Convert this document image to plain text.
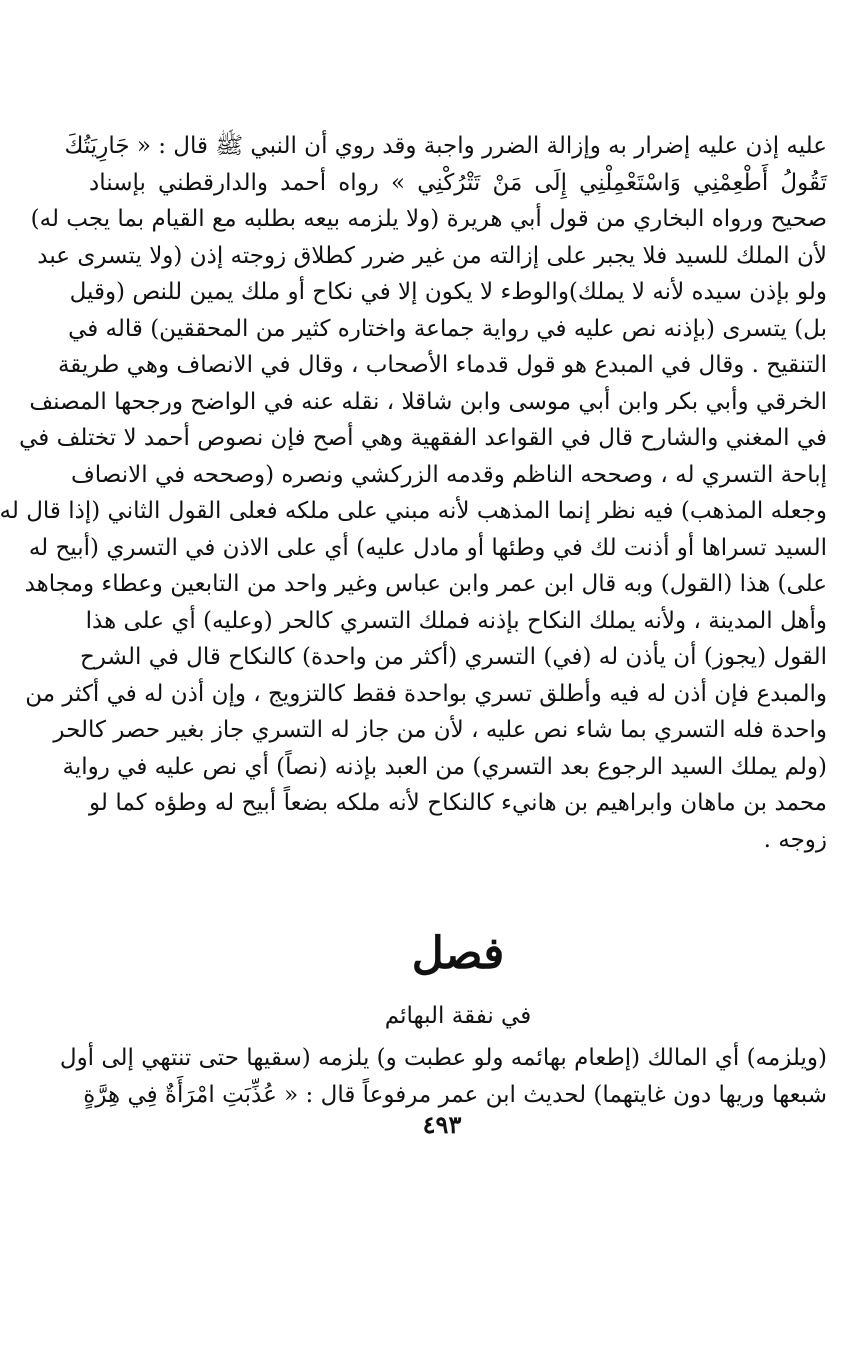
عليه إذن عليه إضرار به وإزالة الضرر واجبة وقد روي أن النبي ﷺ قال : « جَارِيَتُكَ
تَقُولُ أَطْعِمْنِي وَاسْتَعْمِلْنِي إِلَى مَنْ تَتْرُكْنِي » رواه أحمد والدارقطني بإسناد
صحيح ورواه البخاري من قول أبي هريرة (ولا يلزمه بيعه بطلبه مع القيام بما يجب له)
لأن الملك للسيد فلا يجبر على إزالته من غير ضرر كطلاق زوجته إذن (ولا يتسرى عبد
ولو بإذن سيده لأنه لا يملك)والوطء لا يكون إلا في نكاح أو ملك يمين للنص (وقيل
بل) يتسرى (بإذنه نص عليه في رواية جماعة واختاره كثير من المحققين) قاله في
التنقيح . وقال في المبدع هو قول قدماء الأصحاب ، وقال في الانصاف وهي طريقة
الخرقي وأبي بكر وابن أبي موسى وابن شاقلا ، نقله عنه في الواضح ورجحها المصنف
في المغني والشارح قال في القواعد الفقهية وهي أصح فإن نصوص أحمد لا تختلف في
إباحة التسري له ، وصححه الناظم وقدمه الزركشي ونصره (وصححه في الانصاف
وجعله المذهب) فيه نظر إنما المذهب لأنه مبني على ملكه فعلى القول الثاني (إذا قال له
السيد تسراها أو أذنت لك في وطئها أو مادل عليه) أي على الاذن في التسري (أبيح له
على) هذا (القول) وبه قال ابن عمر وابن عباس وغير واحد من التابعين وعطاء ومجاهد
وأهل المدينة ، ولأنه يملك النكاح بإذنه فملك التسري كالحر (وعليه) أي على هذا
القول (يجوز) أن يأذن له (في) التسري (أكثر من واحدة) كالنكاح قال في الشرح
والمبدع فإن أذن له فيه وأطلق تسري بواحدة فقط كالتزويج ، وإن أذن له في أكثر من
واحدة فله التسري بما شاء نص عليه ، لأن من جاز له التسري جاز بغير حصر كالحر
(ولم يملك السيد الرجوع بعد التسري) من العبد بإذنه (نصاً) أي نص عليه في رواية
محمد بن ماهان وابراهيم بن هانيء كالنكاح لأنه ملكه بضعاً أبيح له وطؤه كما لو
زوجه .

فصل
في نفقة البهائم

(ويلزمه) أي المالك (إطعام بهائمه ولو عطبت و) يلزمه (سقيها حتى تنتهي إلى أول
شبعها وريها دون غايتهما) لحديث ابن عمر مرفوعاً قال : « عُذِّبَتِ امْرَأَةٌ فِي هِرَّةٍ

٤٩٣
